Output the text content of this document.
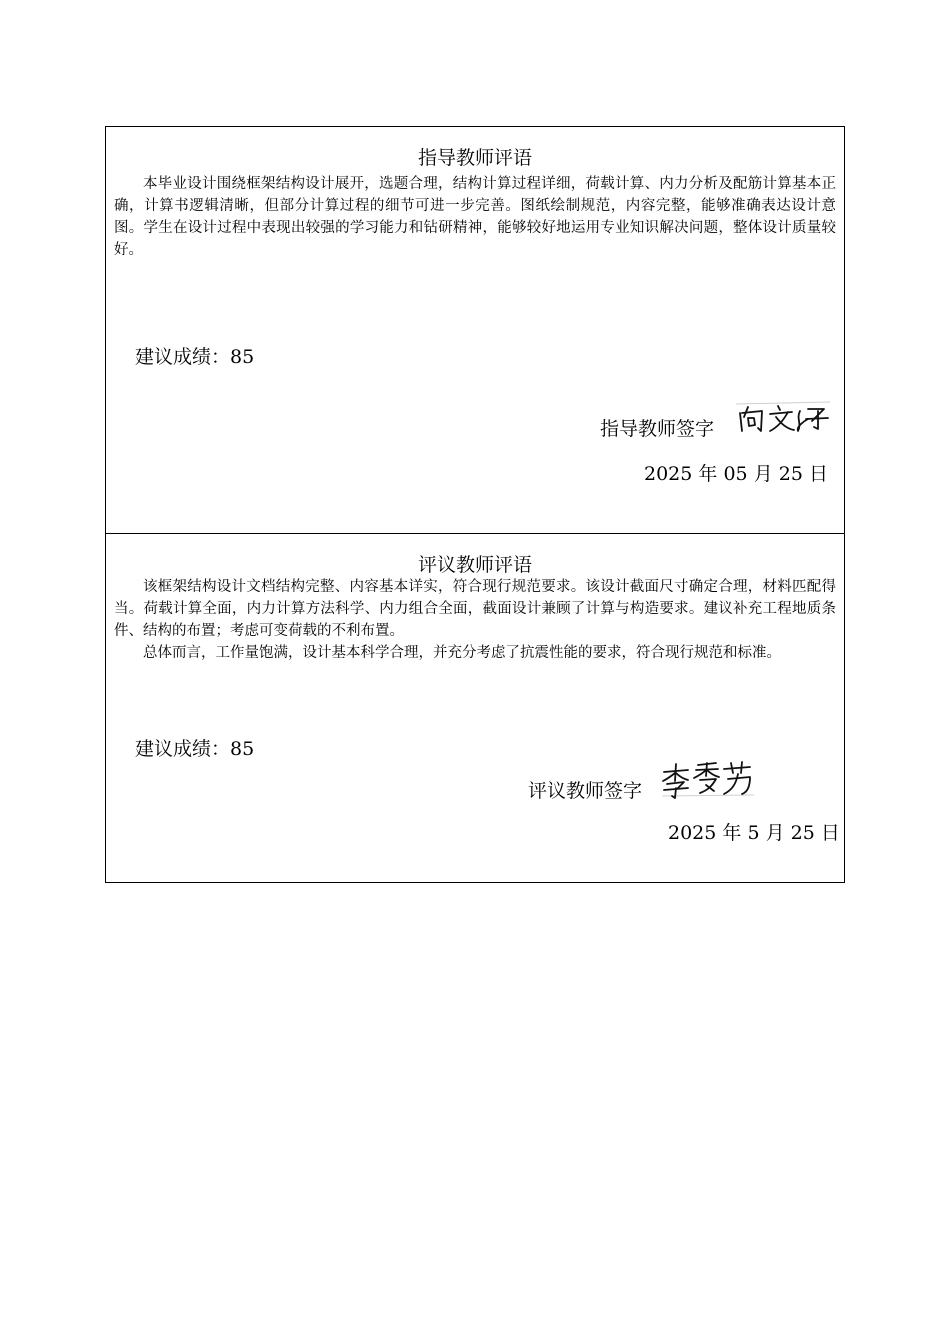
指导教师评语

本毕业设计围绕框架结构设计展开，选题合理，结构计算过程详细，荷载计算、内力分析及配筋计算基本正确，计算书逻辑清晰，但部分计算过程的细节可进一步完善。图纸绘制规范，内容完整，能够准确表达设计意图。学生在设计过程中表现出较强的学习能力和钻研精神，能够较好地运用专业知识解决问题，整体设计质量较好。

建议成绩：85
指导教师签字
2025 年 05 月 25 日
评议教师评语

该框架结构设计文档结构完整、内容基本详实，符合现行规范要求。该设计截面尺寸确定合理，材料匹配得当。荷载计算全面，内力计算方法科学、内力组合全面，截面设计兼顾了计算与构造要求。建议补充工程地质条件、结构的布置；考虑可变荷载的不利布置。

总体而言，工作量饱满，设计基本科学合理，并充分考虑了抗震性能的要求，符合现行规范和标准。

建议成绩：85
评议教师签字
2025 年 5 月 25 日
